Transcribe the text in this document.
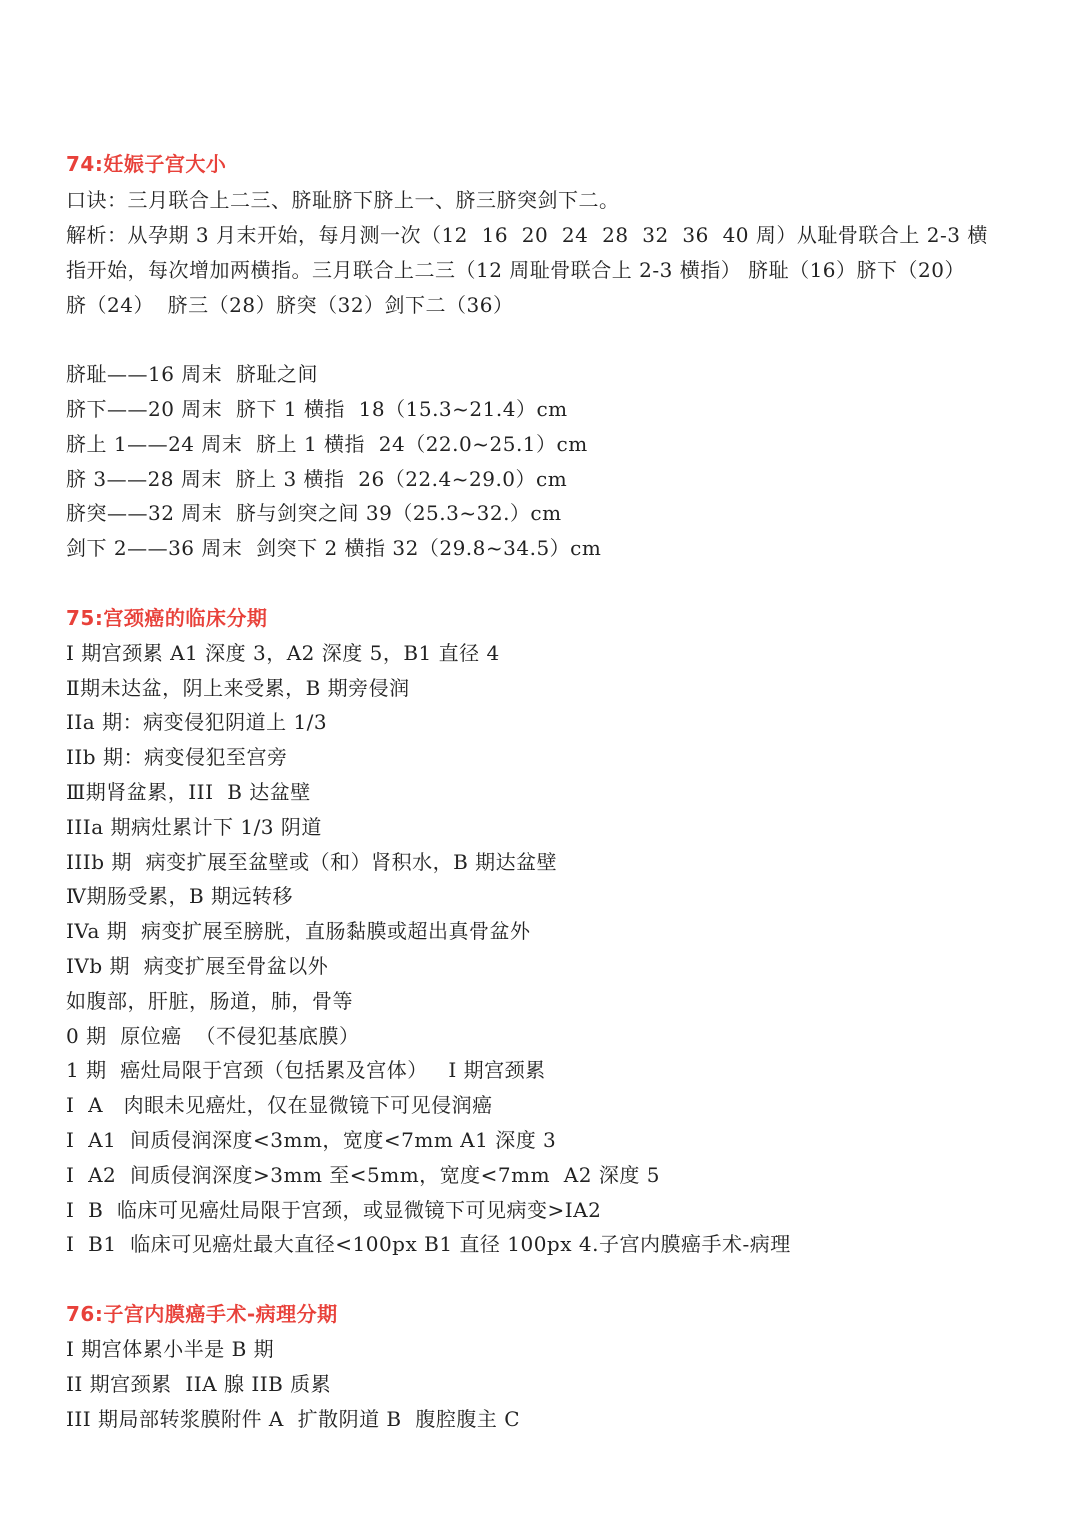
74:妊娠子宫大小
口诀：三月联合上二三、脐耻脐下脐上一、脐三脐突剑下二。
解析：从孕期 3 月末开始，每月测一次（12  16  20  24  28  32  36  40 周）从耻骨联合上 2-3 横
指开始，每次增加两横指。三月联合上二三（12 周耻骨联合上 2-3 横指） 脐耻（16）脐下（20）
脐（24）  脐三（28）脐突（32）剑下二（36）
脐耻——16 周末  脐耻之间
脐下——20 周末  脐下 1 横指  18（15.3~21.4）cm
脐上 1——24 周末  脐上 1 横指  24（22.0~25.1）cm
脐 3——28 周末  脐上 3 横指  26（22.4~29.0）cm
脐突——32 周末  脐与剑突之间 39（25.3~32.）cm
剑下 2——36 周末  剑突下 2 横指 32（29.8~34.5）cm
75:宫颈癌的临床分期
I 期宫颈累 A1 深度 3，A2 深度 5，B1 直径 4
Ⅱ期未达盆，阴上来受累，B 期旁侵润
IIa 期：病变侵犯阴道上 1/3
IIb 期：病变侵犯至宫旁
Ⅲ期肾盆累，III  B 达盆壁
IIIa 期病灶累计下 1/3 阴道
IIIb 期  病变扩展至盆壁或（和）肾积水，B 期达盆壁
Ⅳ期肠受累，B 期远转移
IVa 期  病变扩展至膀胱，直肠黏膜或超出真骨盆外
IVb 期  病变扩展至骨盆以外
如腹部，肝脏，肠道，肺，骨等
0 期  原位癌  （不侵犯基底膜）
1 期  癌灶局限于宫颈（包括累及宫体）   I 期宫颈累
I  A   肉眼未见癌灶，仅在显微镜下可见侵润癌
I  A1  间质侵润深度<3mm，宽度<7mm A1 深度 3
I  A2  间质侵润深度>3mm 至<5mm，宽度<7mm  A2 深度 5
I  B  临床可见癌灶局限于宫颈，或显微镜下可见病变>IA2
I  B1  临床可见癌灶最大直径<100px B1 直径 100px 4.子宫内膜癌手术-病理
76:子宫内膜癌手术-病理分期
I 期宫体累小半是 B 期
II 期宫颈累  IIA 腺 IIB 质累
III 期局部转浆膜附件 A  扩散阴道 B  腹腔腹主 C
